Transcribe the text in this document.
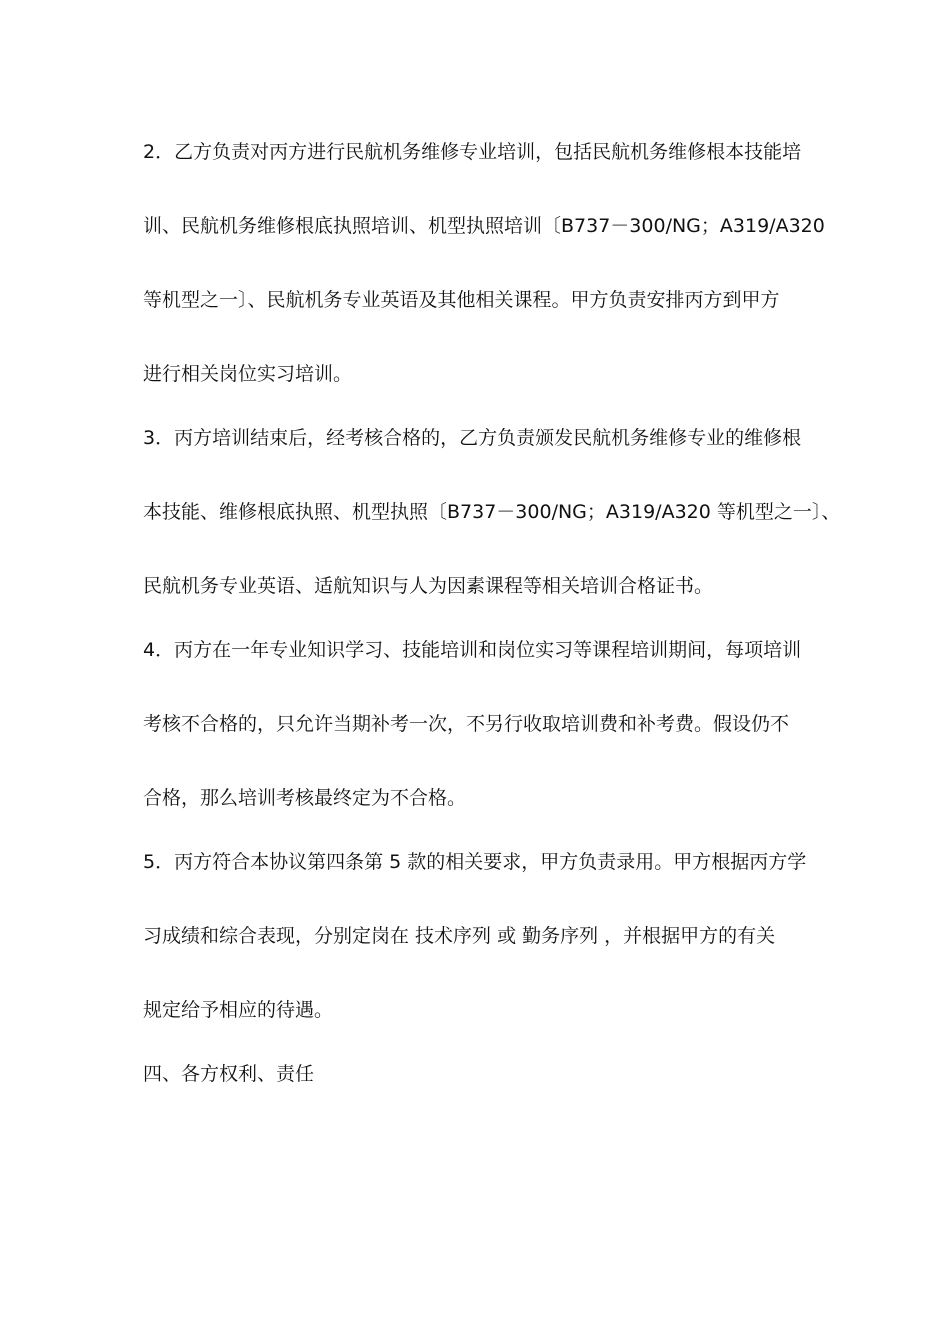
2．乙方负责对丙方进行民航机务维修专业培训，包括民航机务维修根本技能培
训、民航机务维修根底执照培训、机型执照培训〔B737－300/NG；A319/A320
等机型之一〕、民航机务专业英语及其他相关课程。甲方负责安排丙方到甲方
进行相关岗位实习培训。
3．丙方培训结束后，经考核合格的，乙方负责颁发民航机务维修专业的维修根
本技能、维修根底执照、机型执照〔B737－300/NG；A319/A320 等机型之一〕、
民航机务专业英语、适航知识与人为因素课程等相关培训合格证书。
4．丙方在一年专业知识学习、技能培训和岗位实习等课程培训期间，每项培训
考核不合格的，只允许当期补考一次，不另行收取培训费和补考费。假设仍不
合格，那么培训考核最终定为不合格。
5．丙方符合本协议第四条第 5 款的相关要求，甲方负责录用。甲方根据丙方学
习成绩和综合表现，分别定岗在 技术序列 或 勤务序列 ，并根据甲方的有关
规定给予相应的待遇。
四、各方权利、责任
